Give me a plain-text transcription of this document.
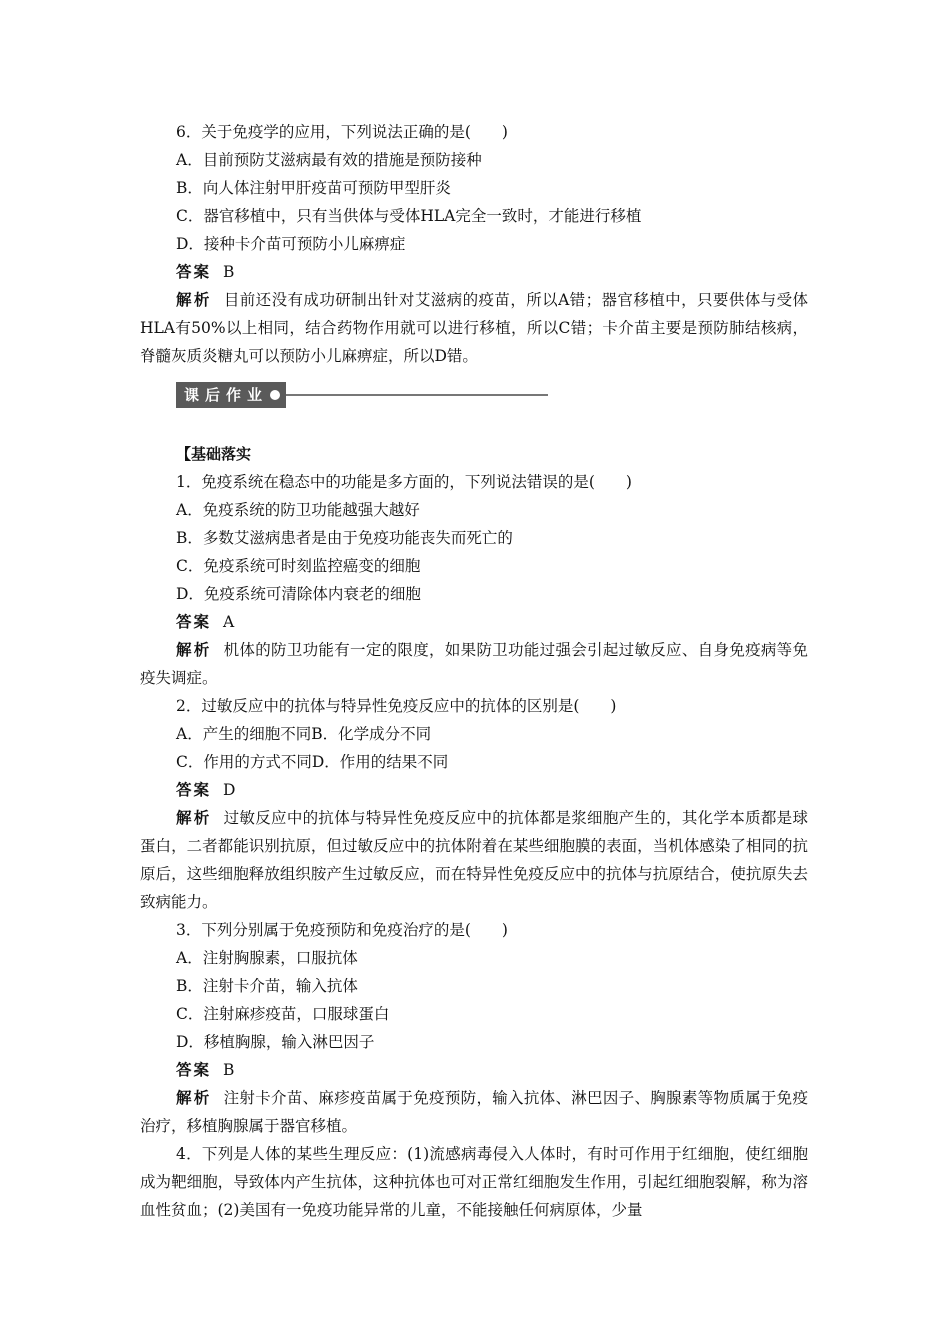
6．关于免疫学的应用，下列说法正确的是(　　)
A．目前预防艾滋病最有效的措施是预防接种
B．向人体注射甲肝疫苗可预防甲型肝炎
C．器官移植中，只有当供体与受体HLA完全一致时，才能进行移植
D．接种卡介苗可预防小儿麻痹症
答案 B
解析 目前还没有成功研制出针对艾滋病的疫苗，所以A错；器官移植中，只要供体与受体HLA有50%以上相同，结合药物作用就可以进行移植，所以C错；卡介苗主要是预防肺结核病，脊髓灰质炎糖丸可以预防小儿麻痹症，所以D错。
课后作业
【基础落实
1．免疫系统在稳态中的功能是多方面的，下列说法错误的是(　　)
A．免疫系统的防卫功能越强大越好
B．多数艾滋病患者是由于免疫功能丧失而死亡的
C．免疫系统可时刻监控癌变的细胞
D．免疫系统可清除体内衰老的细胞
答案 A
解析 机体的防卫功能有一定的限度，如果防卫功能过强会引起过敏反应、自身免疫病等免疫失调症。
2．过敏反应中的抗体与特异性免疫反应中的抗体的区别是(　　)
A．产生的细胞不同B．化学成分不同
C．作用的方式不同D．作用的结果不同
答案 D
解析 过敏反应中的抗体与特异性免疫反应中的抗体都是浆细胞产生的，其化学本质都是球蛋白，二者都能识别抗原，但过敏反应中的抗体附着在某些细胞膜的表面，当机体感染了相同的抗原后，这些细胞释放组织胺产生过敏反应，而在特异性免疫反应中的抗体与抗原结合，使抗原失去致病能力。
3．下列分别属于免疫预防和免疫治疗的是(　　)
A．注射胸腺素，口服抗体
B．注射卡介苗，输入抗体
C．注射麻疹疫苗，口服球蛋白
D．移植胸腺，输入淋巴因子
答案 B
解析 注射卡介苗、麻疹疫苗属于免疫预防，输入抗体、淋巴因子、胸腺素等物质属于免疫治疗，移植胸腺属于器官移植。
4．下列是人体的某些生理反应：(1)流感病毒侵入人体时，有时可作用于红细胞，使红细胞成为靶细胞，导致体内产生抗体，这种抗体也可对正常红细胞发生作用，引起红细胞裂解，称为溶血性贫血；(2)美国有一免疫功能异常的儿童，不能接触任何病原体，少量
